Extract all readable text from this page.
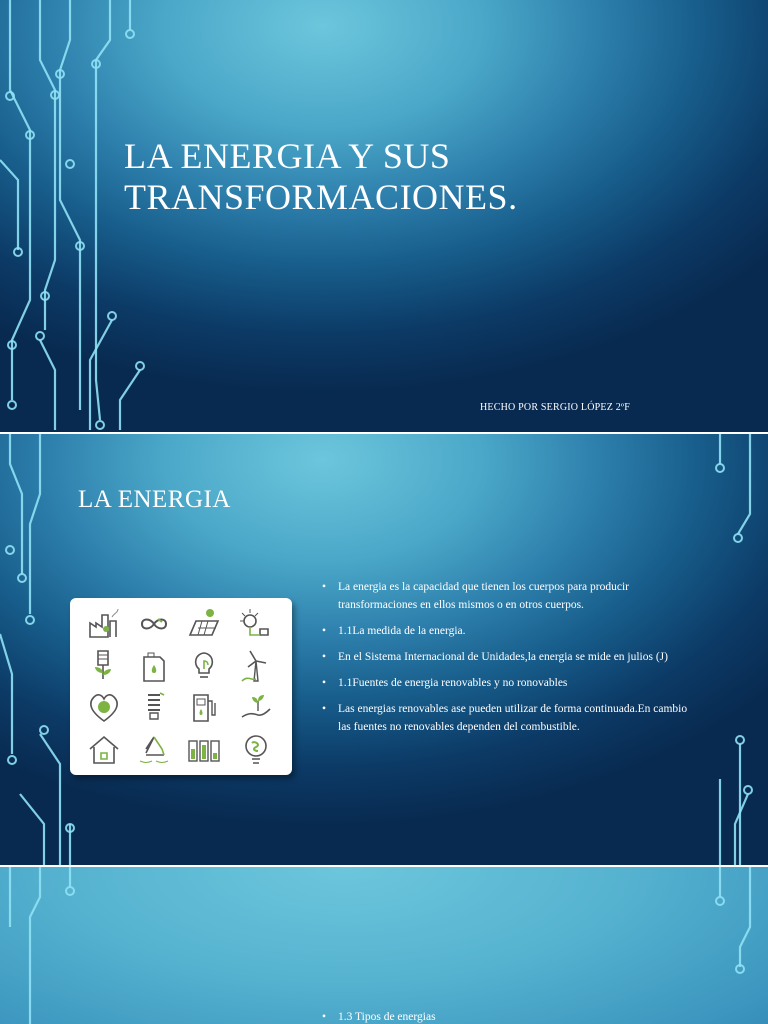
LA ENERGIA Y SUS
TRANSFORMACIONES.
HECHO POR SERGIO LÓPEZ 2ºF
LA ENERGIA
• La energia es la capacidad que tienen los cuerpos para producir transformaciones en ellos mismos o en otros cuerpos.
• 1.1La medida de la energia.
• En el Sistema Internacional de Unidades,la energia se mide en julios (J)
• 1.1Fuentes de energia renovables y no ronovables
• Las energias renovables ase pueden utilizar de forma continuada.En cambio las fuentes no renovables dependen del combustible.
• 1.3 Tipos de energias
